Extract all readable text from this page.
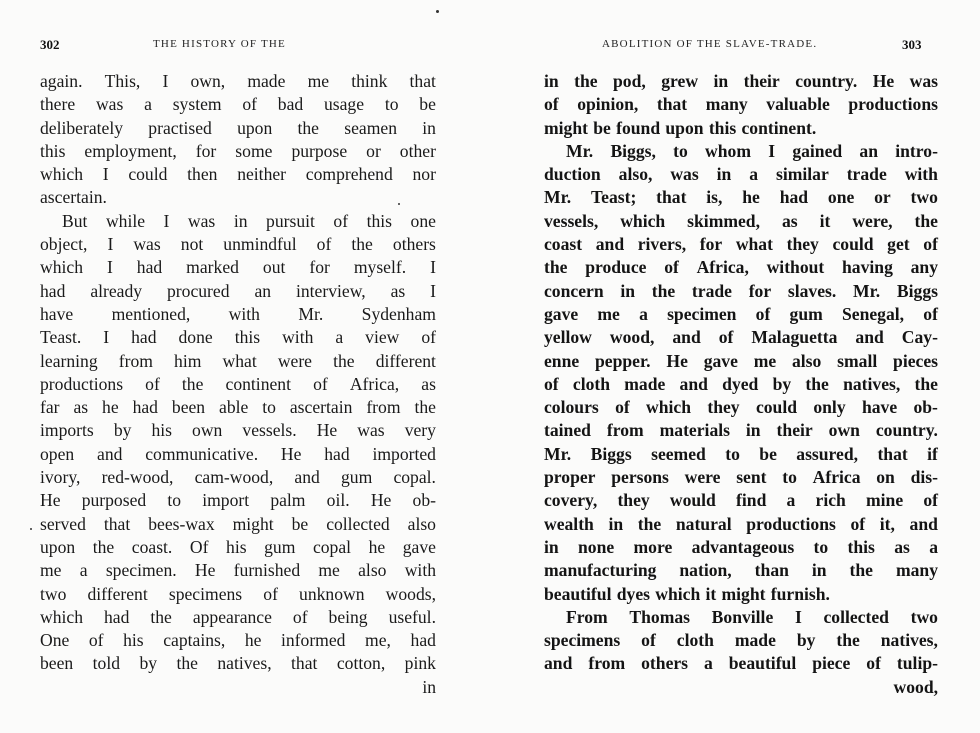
302	THE HISTORY OF THE
again. This, I own, made me think that
there was a system of bad usage to be
deliberately practised upon the seamen in
this employment, for some purpose or other
which I could then neither comprehend nor
ascertain.
But while I was in pursuit of this one
object, I was not unmindful of the others
which I had marked out for myself. I
had already procured an interview, as I
have mentioned, with Mr. Sydenham
Teast. I had done this with a view of
learning from him what were the different
productions of the continent of Africa, as
far as he had been able to ascertain from the
imports by his own vessels. He was very
open and communicative. He had imported
ivory, red-wood, cam-wood, and gum copal.
He purposed to import palm oil. He ob-
served that bees-wax might be collected also
upon the coast. Of his gum copal he gave
me a specimen. He furnished me also with
two different specimens of unknown woods,
which had the appearance of being useful.
One of his captains, he informed me, had
been told by the natives, that cotton, pink
in
ABOLITION OF THE SLAVE-TRADE.	303
in the pod, grew in their country. He was
of opinion, that many valuable productions
might be found upon this continent.
Mr. Biggs, to whom I gained an intro-
duction also, was in a similar trade with
Mr. Teast; that is, he had one or two
vessels, which skimmed, as it were, the
coast and rivers, for what they could get of
the produce of Africa, without having any
concern in the trade for slaves. Mr. Biggs
gave me a specimen of gum Senegal, of
yellow wood, and of Malaguetta and Cay-
enne pepper. He gave me also small pieces
of cloth made and dyed by the natives, the
colours of which they could only have ob-
tained from materials in their own country.
Mr. Biggs seemed to be assured, that if
proper persons were sent to Africa on dis-
covery, they would find a rich mine of
wealth in the natural productions of it, and
in none more advantageous to this as a
manufacturing nation, than in the many
beautiful dyes which it might furnish.
From Thomas Bonville I collected two
specimens of cloth made by the natives,
and from others a beautiful piece of tulip-
wood,
